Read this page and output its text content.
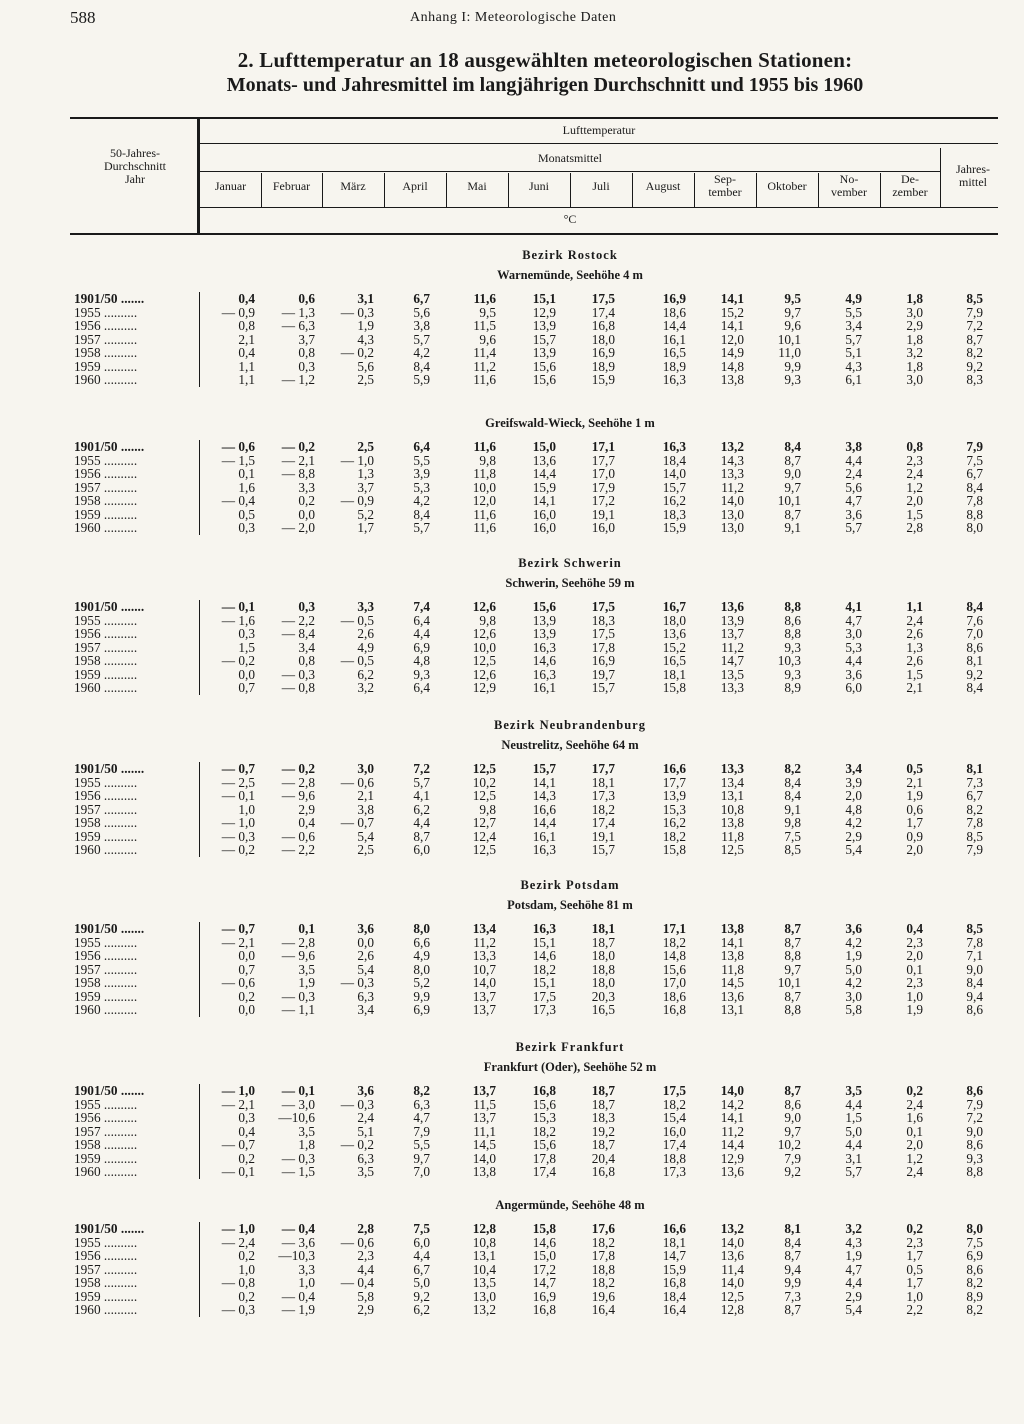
588	Anhang I: Meteorologische Daten
2. Lufttemperatur an 18 ausgewählten meteorologischen Stationen:
Monats- und Jahresmittel im langjährigen Durchschnitt und 1955 bis 1960
50-Jahres-
Durchschnitt
Jahr
Lufttemperatur
Monatsmittel
°C
Jahres-
mittel
Januar	Februar	März	April	Mai	Juni	Juli	August	Sep-
tember	Oktober	No-
vember
De-
zember
Bezirk Rostock
Warnemünde, Seehöhe 4 m
1901/50 .......	0,4	0,6	3,1	6,7	11,6	15,1	17,5	16,9	14,1	9,5	4,9	1,8	8,5
1955 ..........	— 0,9	— 1,3	— 0,3	5,6	9,5	12,9	17,4	18,6	15,2	9,7	5,5	3,0	7,9
1956 ..........	0,8	— 6,3	1,9	3,8	11,5	13,9	16,8	14,4	14,1	9,6	3,4	2,9	7,2
1957 ..........	2,1	3,7	4,3	5,7	9,6	15,7	18,0	16,1	12,0	10,1	5,7	1,8	8,7
1958 ..........	0,4	0,8	— 0,2	4,2	11,4	13,9	16,9	16,5	14,9	11,0	5,1	3,2	8,2
1959 ..........	1,1	0,3	5,6	8,4	11,2	15,6	18,9	18,9	14,8	9,9	4,3	1,8	9,2
1960 ..........	1,1	— 1,2	2,5	5,9	11,6	15,6	15,9	16,3	13,8	9,3	6,1	3,0	8,3
Greifswald-Wieck, Seehöhe 1 m
1901/50 .......	— 0,6	— 0,2	2,5	6,4	11,6	15,0	17,1	16,3	13,2	8,4	3,8	0,8	7,9
1955 ..........	— 1,5	— 2,1	— 1,0	5,5	9,8	13,6	17,7	18,4	14,3	8,7	4,4	2,3	7,5
1956 ..........	0,1	— 8,8	1,3	3,9	11,8	14,4	17,0	14,0	13,3	9,0	2,4	2,4	6,7
1957 ..........	1,6	3,3	3,7	5,3	10,0	15,9	17,9	15,7	11,2	9,7	5,6	1,2	8,4
1958 ..........	— 0,4	0,2	— 0,9	4,2	12,0	14,1	17,2	16,2	14,0	10,1	4,7	2,0	7,8
1959 ..........	0,5	0,0	5,2	8,4	11,6	16,0	19,1	18,3	13,0	8,7	3,6	1,5	8,8
1960 ..........	0,3	— 2,0	1,7	5,7	11,6	16,0	16,0	15,9	13,0	9,1	5,7	2,8	8,0
Bezirk Schwerin
Schwerin, Seehöhe 59 m
1901/50 .......	— 0,1	0,3	3,3	7,4	12,6	15,6	17,5	16,7	13,6	8,8	4,1	1,1	8,4
1955 ..........	— 1,6	— 2,2	— 0,5	6,4	9,8	13,9	18,3	18,0	13,9	8,6	4,7	2,4	7,6
1956 ..........	0,3	— 8,4	2,6	4,4	12,6	13,9	17,5	13,6	13,7	8,8	3,0	2,6	7,0
1957 ..........	1,5	3,4	4,9	6,9	10,0	16,3	17,8	15,2	11,2	9,3	5,3	1,3	8,6
1958 ..........	— 0,2	0,8	— 0,5	4,8	12,5	14,6	16,9	16,5	14,7	10,3	4,4	2,6	8,1
1959 ..........	0,0	— 0,3	6,2	9,3	12,6	16,3	19,7	18,1	13,5	9,3	3,6	1,5	9,2
1960 ..........	0,7	— 0,8	3,2	6,4	12,9	16,1	15,7	15,8	13,3	8,9	6,0	2,1	8,4
Bezirk Neubrandenburg
Neustrelitz, Seehöhe 64 m
1901/50 .......	— 0,7	— 0,2	3,0	7,2	12,5	15,7	17,7	16,6	13,3	8,2	3,4	0,5	8,1
1955 ..........	— 2,5	— 2,8	— 0,6	5,7	10,2	14,1	18,1	17,7	13,4	8,4	3,9	2,1	7,3
1956 ..........	— 0,1	— 9,6	2,1	4,1	12,5	14,3	17,3	13,9	13,1	8,4	2,0	1,9	6,7
1957 ..........	1,0	2,9	3,8	6,2	9,8	16,6	18,2	15,3	10,8	9,1	4,8	0,6	8,2
1958 ..........	— 1,0	0,4	— 0,7	4,4	12,7	14,4	17,4	16,2	13,8	9,8	4,2	1,7	7,8
1959 ..........	— 0,3	— 0,6	5,4	8,7	12,4	16,1	19,1	18,2	11,8	7,5	2,9	0,9	8,5
1960 ..........	— 0,2	— 2,2	2,5	6,0	12,5	16,3	15,7	15,8	12,5	8,5	5,4	2,0	7,9
Bezirk Potsdam
Potsdam, Seehöhe 81 m
1901/50 .......	— 0,7	0,1	3,6	8,0	13,4	16,3	18,1	17,1	13,8	8,7	3,6	0,4	8,5
1955 ..........	— 2,1	— 2,8	0,0	6,6	11,2	15,1	18,7	18,2	14,1	8,7	4,2	2,3	7,8
1956 ..........	0,0	— 9,6	2,6	4,9	13,3	14,6	18,0	14,8	13,8	8,8	1,9	2,0	7,1
1957 ..........	0,7	3,5	5,4	8,0	10,7	18,2	18,8	15,6	11,8	9,7	5,0	0,1	9,0
1958 ..........	— 0,6	1,9	— 0,3	5,2	14,0	15,1	18,0	17,0	14,5	10,1	4,2	2,3	8,4
1959 ..........	0,2	— 0,3	6,3	9,9	13,7	17,5	20,3	18,6	13,6	8,7	3,0	1,0	9,4
1960 ..........	0,0	— 1,1	3,4	6,9	13,7	17,3	16,5	16,8	13,1	8,8	5,8	1,9	8,6
Bezirk Frankfurt
Frankfurt (Oder), Seehöhe 52 m
1901/50 .......	— 1,0	— 0,1	3,6	8,2	13,7	16,8	18,7	17,5	14,0	8,7	3,5	0,2	8,6
1955 ..........	— 2,1	— 3,0	— 0,3	6,3	11,5	15,6	18,7	18,2	14,2	8,6	4,4	2,4	7,9
1956 ..........	0,3	—10,6	2,4	4,7	13,7	15,3	18,3	15,4	14,1	9,0	1,5	1,6	7,2
1957 ..........	0,4	3,5	5,1	7,9	11,1	18,2	19,2	16,0	11,2	9,7	5,0	0,1	9,0
1958 ..........	— 0,7	1,8	— 0,2	5,5	14,5	15,6	18,7	17,4	14,4	10,2	4,4	2,0	8,6
1959 ..........	0,2	— 0,3	6,3	9,7	14,0	17,8	20,4	18,8	12,9	7,9	3,1	1,2	9,3
1960 ..........	— 0,1	— 1,5	3,5	7,0	13,8	17,4	16,8	17,3	13,6	9,2	5,7	2,4	8,8
Angermünde, Seehöhe 48 m
1901/50 .......	— 1,0	— 0,4	2,8	7,5	12,8	15,8	17,6	16,6	13,2	8,1	3,2	0,2	8,0
1955 ..........	— 2,4	— 3,6	— 0,6	6,0	10,8	14,6	18,2	18,1	14,0	8,4	4,3	2,3	7,5
1956 ..........	0,2	—10,3	2,3	4,4	13,1	15,0	17,8	14,7	13,6	8,7	1,9	1,7	6,9
1957 ..........	1,0	3,3	4,4	6,7	10,4	17,2	18,8	15,9	11,4	9,4	4,7	0,5	8,6
1958 ..........	— 0,8	1,0	— 0,4	5,0	13,5	14,7	18,2	16,8	14,0	9,9	4,4	1,7	8,2
1959 ..........	0,2	— 0,4	5,8	9,2	13,0	16,9	19,6	18,4	12,5	7,3	2,9	1,0	8,9
1960 ..........	— 0,3	— 1,9	2,9	6,2	13,2	16,8	16,4	16,4	12,8	8,7	5,4	2,2	8,2
